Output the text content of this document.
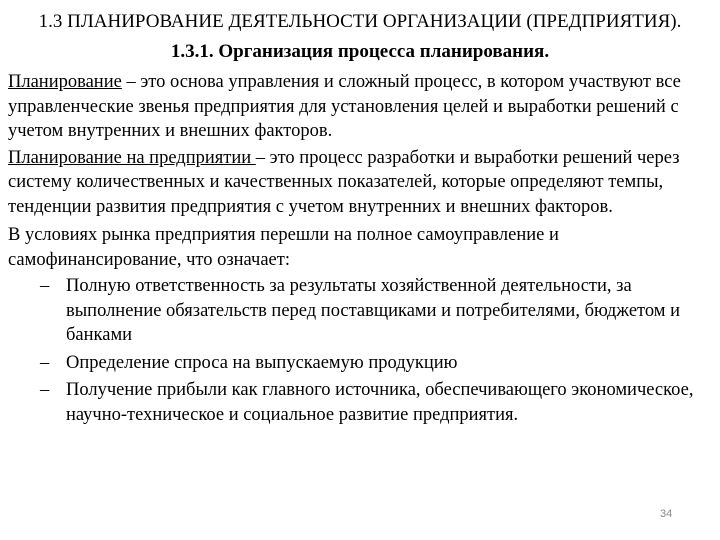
1.3 ПЛАНИРОВАНИЕ ДЕЯТЕЛЬНОСТИ ОРГАНИЗАЦИИ (ПРЕДПРИЯТИЯ).
1.3.1. Организация процесса планирования.

Планирование – это основа управления и сложный процесс, в котором участвуют все управленческие звенья предприятия для установления целей и выработки решений с учетом внутренних и внешних факторов.

Планирование на предприятии – это процесс разработки и выработки решений через систему количественных и качественных показателей, которые определяют темпы, тенденции развития предприятия с учетом внутренних и внешних факторов.

В условиях рынка предприятия перешли на полное самоуправление и самофинансирование, что означает:

– Полную ответственность за результаты хозяйственной деятельности, за выполнение обязательств перед поставщиками и потребителями, бюджетом и банками
– Определение спроса на выпускаемую продукцию
– Получение прибыли как главного источника, обеспечивающего экономическое, научно-техническое и социальное развитие предприятия.
34
